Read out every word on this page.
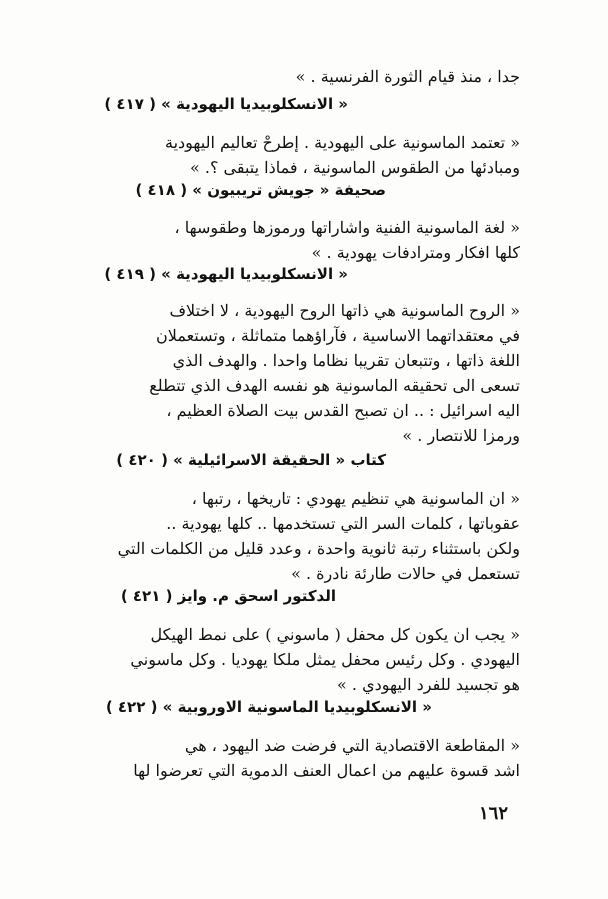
جدا ، منذ قيام الثورة الفرنسية . »
« الانسكلوبيديا اليهودية » ( ٤١٧ )
« تعتمد الماسونية على اليهودية . إطرحْ تعاليم اليهودية
ومبادئها من الطقوس الماسونية ، فماذا يتبقى ؟. »
صحيفة « جويش تريبيون » ( ٤١٨ )
« لغة الماسونية الفنية واشاراتها ورموزها وطقوسها ،
كلها افكار ومترادفات يهودية . »
« الانسكلوبيديا اليهودية » ( ٤١٩ )
« الروح الماسونية هي ذاتها الروح اليهودية ، لا اختلاف
في معتقداتهما الاساسية ، فآراؤهما متماثلة ، وتستعملان
اللغة ذاتها ، وتتبعان تقريبا نظاما واحدا . والهدف الذي
تسعى الى تحقيقه الماسونية هو نفسه الهدف الذي تتطلع
اليه اسرائيل : .. ان تصبح القدس بيت الصلاة العظيم ،
ورمزا للانتصار . »
كتاب « الحقيقة الاسرائيلية » ( ٤٢٠ )
« ان الماسونية هي تنظيم يهودي : تاريخها ، رتبها ،
عقوباتها ، كلمات السر التي تستخدمها .. كلها يهودية ..
ولكن باستثناء رتبة ثانوية واحدة ، وعدد قليل من الكلمات التي
تستعمل في حالات طارئة نادرة . »
الدكتور اسحق م. وايز ( ٤٢١ )
« يجب ان يكون كل محفل ( ماسوني ) على نمط الهيكل
اليهودي . وكل رئيس محفل يمثل ملكا يهوديا . وكل ماسوني
هو تجسيد للفرد اليهودي . »
« الانسكلوبيديا الماسونية الاوروبية » ( ٤٢٢ )
« المقاطعة الاقتصادية التي فرضت ضد اليهود ، هي
اشد قسوة عليهم من اعمال العنف الدموية التي تعرضوا لها
١٦٢
